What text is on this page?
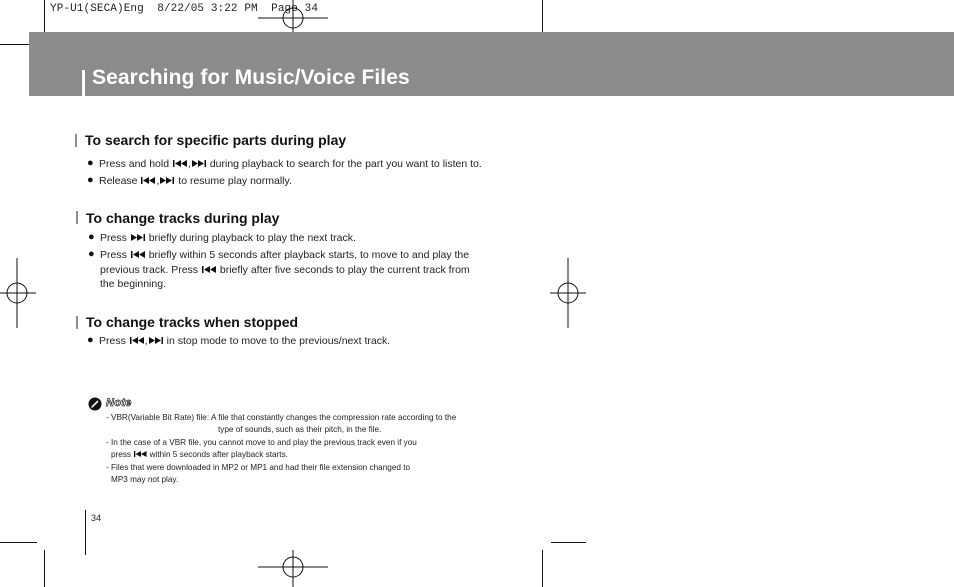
YP-U1(SECA)Eng  8/22/05 3:22 PM  Page 34
Searching for Music/Voice Files
To search for specific parts during play
● Press and hold , during playback to search for the part you want to listen to.
● Release , to resume play normally.
To change tracks during play
● Press briefly during playback to play the next track.
● Press briefly within 5 seconds after playback starts, to move to and play the
previous track. Press briefly after five seconds to play the current track from
the beginning.
To change tracks when stopped
● Press , in stop mode to move to the previous/next track.
Note
- VBR(Variable Bit Rate) file: A file that constantly changes the compression rate according to the
type of sounds, such as their pitch, in the file.
- In the case of a VBR file, you cannot move to and play the previous track even if you
press within 5 seconds after playback starts.
- Files that were downloaded in MP2 or MP1 and had their file extension changed to
MP3 may not play.
34
